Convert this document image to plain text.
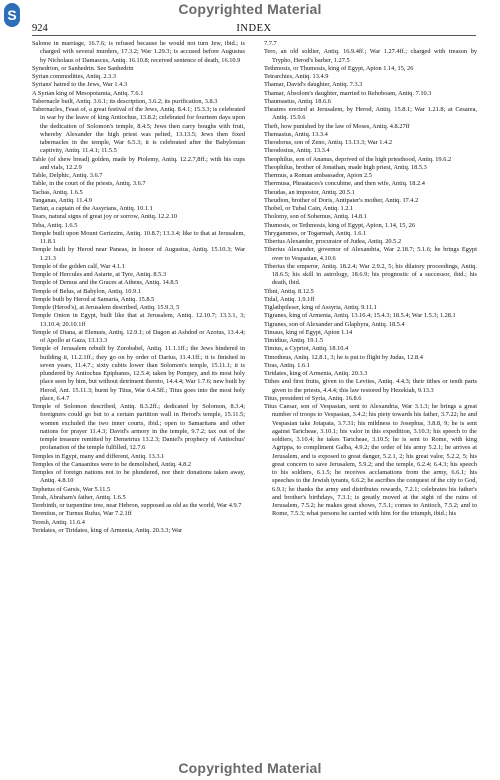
Copyrighted Material
S
924	INDEX

Salome in marriage, 16.7.6; is refused because he would not turn Jew, ibid.; is charged with several murders, 17.3.2; War 1.29.3; is accused before Augustus by Nicholaus of Damascus, Antiq. 16.10.8; received sentence of death, 16.10.9

Synedrion, or Sanhedrin. See Sanhedrin

Syrian commodities, Antiq. 2.3.3

Syrians' hatred to the Jews, War 1.4.3

A Syrian king of Mesopotamia, Antiq. 7.6.1

Tabernacle built, Antiq. 3.6.1; its description, 3.6.2; its purification, 3.8.3

Tabernacles, Feast of, a great festival of the Jews, Antiq. 8.4.1; 15.3.3; is celebrated in war by the leave of king Antiochus, 13.8.2; celebrated for fourteen days upon the dedication of Solomon's temple, 8.4.5; Jews then carry boughs with fruit, whereby Alexander the high priest was pelted, 13.13.5; Jews then fixed tabernacles in the temple, War 6.5.3; it is celebrated after the Babylonian captivity, Antiq. 11.4.1; 11.5.5

Table (of shew bread) golden, made by Ptolemy, Antiq. 12.2.7,8ff.; with his cups and vials, 12.2.9

Table, Delphic, Antiq. 3.6.7

Table, in the court of the priests, Antiq. 3.6.7

Tachas, Antiq. 1.6.5

Tanganas, Antiq. 11.4.9

Tartan, a captain of the Assyrians, Antiq. 10.1.1

Tears, natural signs of great joy or sorrow, Antiq. 12.2.10

Teba, Antiq. 1.6.5

Temple built upon Mount Gerizzim, Antiq. 10.8.7; 13.3.4; like to that at Jerusalem, 11.8.1

Temple built by Herod near Paneas, in honor of Augustus, Antiq. 15.10.3; War 1.21.3

Temple of the golden calf, War 4.1.1

Temple of Hercules and Astarte, at Tyre, Antiq. 8.5.3

Temple of Demus and the Graces at Athens, Antiq. 14.8.5

Temple of Belus, at Babylon, Antiq. 10.9.1

Temple built by Herod at Samaria, Antiq. 15.8.5

Temple (Herod's), at Jerusalem described, Antiq. 15.9.3, 5

Temple Onion in Egypt, built like that at Jerusalem, Antiq. 12.10.7; 13.3.1, 3; 13.10.4; 20.10.1ff

Temple of Diana, at Elemais, Antiq. 12.9.1; of Dagon at Ashdod or Azotus, 13.4.4; of Apollo at Gaza, 13.13.3

Temple of Jerusalem rebuilt by Zorobabel, Antiq. 11.1.1ff.; the Jews hindered in building it, 11.2.1ff.; they go on by order of Darius, 11.4.1ff.; it is finished in seven years, 11.4.7.; sixty cubits lower than Solomon's temple, 15.11.1; it is plundered by Antiochus Epiphanes, 12.5.4; taken by Pompey, and its most holy place seen by him, but without detriment thereto, 14.4.4; War 1.7.6; new built by Herod, Ant. 15.11.3; burnt by Titus, War 6.4.5ff.; Titus goes into the most holy place, 6.4.7

Temple of Solomon described, Antiq. 8.3.2ff.; dedicated by Solomon, 8.3.4; foreigners could go but to a certain partition wall in Herod's temple, 15.11.5; women excluded the two inner courts, ibid.; open to Samaritans and other nations for prayer 11.4.3; David's armory in the temple, 9.7.2; tax out of the temple treasure remitted by Demetrius 13.2.3; Daniel's prophecy of Antiochus' profanation of the temple fulfilled, 12.7.6

Temples in Egypt, many and different, Antiq. 13.3.1

Temples of the Canaanites were to be demolished, Antiq. 4.8.2

Temples of foreign nations not to be plundered, nor their donations taken away, Antiq. 4.8.10

Tephetus of Garsis, War 5.11.5

Terah, Abraham's father, Antiq. 1.6.5

Terebinth, or turpentine tree, near Hebron, supposed as old as the world, War 4.9.7

Terentius, or Turnus Rufus, War 7.2.1ff

Teresh, Antiq. 11.6.4

Teridates, or Tiridates, king of Armenia, Antiq. 20.3.3; War

7.7.7

Tero, an old soldier, Antiq. 16.9.4ff.; War 1.27.4ff.; charged with treason by Trypho, Herod's barber, 1.27.5

Tethmosis, or Thumosis, king of Egypt, Apion 1.14, 15, 26

Tetrarchies, Antiq. 13.4.9

Thamar, David's daughter, Antiq. 7.3.3

Thamar, Absolom's daughter, married to Rehoboam, Antiq. 7.10.3

Thaumastus, Antiq. 18.6.6

Theatres erected at Jerusalem, by Herod, Antiq. 15.8.1; War 1.21.8; at Cesarea, Antiq. 15.9.6

Theft, how punished by the law of Moses, Antiq. 4.8.27ff

Themasius, Antiq. 13.3.4

Theodorus, son of Zeno, Antiq. 13.13.3; War 1.4.2

Theodosius, Antiq. 13.3.4

Theophilus, son of Ananus, deprived of the high priesthood, Antiq. 19.6.2

Theophilus, brother of Jonathan, made high priest, Antiq. 18.5.3

Thermus, a Roman ambassador, Apion 2.5

Thermusa, Phraataces's concubine, and then wife, Antiq. 18.2.4

Theudas, an impostor, Antiq. 20.5.1

Theudion, brother of Doris, Antipater's mother, Antiq. 17.4.2

Thobel, or Tubal Cain, Antiq. 1.2.1

Tholomy, son of Sohemus, Antiq. 14.8.1

Thumosis, or Tethmosis, king of Egypt, Apion, 1.14, 15, 26

Thrygammes, or Togarmah, Antiq. 1.6.1

Tiberius Alexander, procurator of Judea, Antiq. 20.5.2

Tiberius Alexander, governor of Alexandria, War 2.18.7; 5.1.6; he brings Egypt over to Vespasian, 4.10.6

Tiberius the emperor, Antiq. 18.2.4; War 2.9.2, 5; his dilatory proceedings, Antiq. 18.6.5; his skill in astrology, 18.6.9; his prognostic of a successor, ibid.; his death, ibid.

Tibni, Antiq. 8.12.5

Tidal, Antiq. 1.9.1ff

Tiglathpileser, king of Assyria, Antiq. 9.11.1

Tigranes, king of Armenia, Antiq. 13.16.4; 15.4.3; 18.5.4; War 1.5.3; 1.28.1

Tigranes, son of Alexander and Glaphyra, Antiq. 18.5.4

Timaus, king of Egypt, Apion 1.14

Timidius, Antiq. 19.1.5

Timius, a Cypriot, Antiq. 18.10.4

Timotheus, Antiq. 12.8.1, 3; he is put to flight by Judas, 12.8.4

Tiras, Antiq. 1.6.1

Tiridates, king of Armenia, Antiq. 20.3.3

Tithes and first fruits, given to the Levites, Antiq. 4.4.3; their tithes or tenth parts given to the priests, 4.4.4; this law restored by Hezekiah, 9.13.3

Titus, president of Syria, Antiq. 16.8.6

Titus Caesar, son of Vespasian, sent to Alexandria, War 3.1.3; he brings a great number of troops to Vespasian, 3.4.2; his piety towards his father, 3.7.22; he and Vespasian take Jotapata, 3.7.31; his mildness to Josephus, 3.8.8, 9; he is sent against Taricheae, 3.10.1; his valor in this expedition, 3.10.3; his speech to the soldiers, 3.10.4; he takes Taricheae, 3.10.5; he is sent to Rome, with king Agrippa, to compliment Galba, 4.9.2; the order of his army 5.2.1; he arrives at Jerusalem, and is exposed to great danger, 5.2.1, 2; his great valor, 5.2.2, 5; his great concern to save Jerusalem, 5.9.2; and the temple, 6.2.4; 6.4.3; his speech to his soldiers, 6.1.5; he receives acclamations from the army, 6.6.1; his speeches to the Jewish tyrants, 6.6.2; he ascribes the conquest of the city to God, 6.9.1; he thanks the army and distributes rewards, 7.2.1; celebrates his father's and brother's birthdays, 7.3.1; is greatly moved at the sight of the ruins of Jerusalem, 7.5.2; he makes great shows, 7.5.1; comes to Antioch, 7.5.2; and to Rome, 7.5.3; what persons he carried with him for the triumph, ibid.; his

Copyrighted Material
